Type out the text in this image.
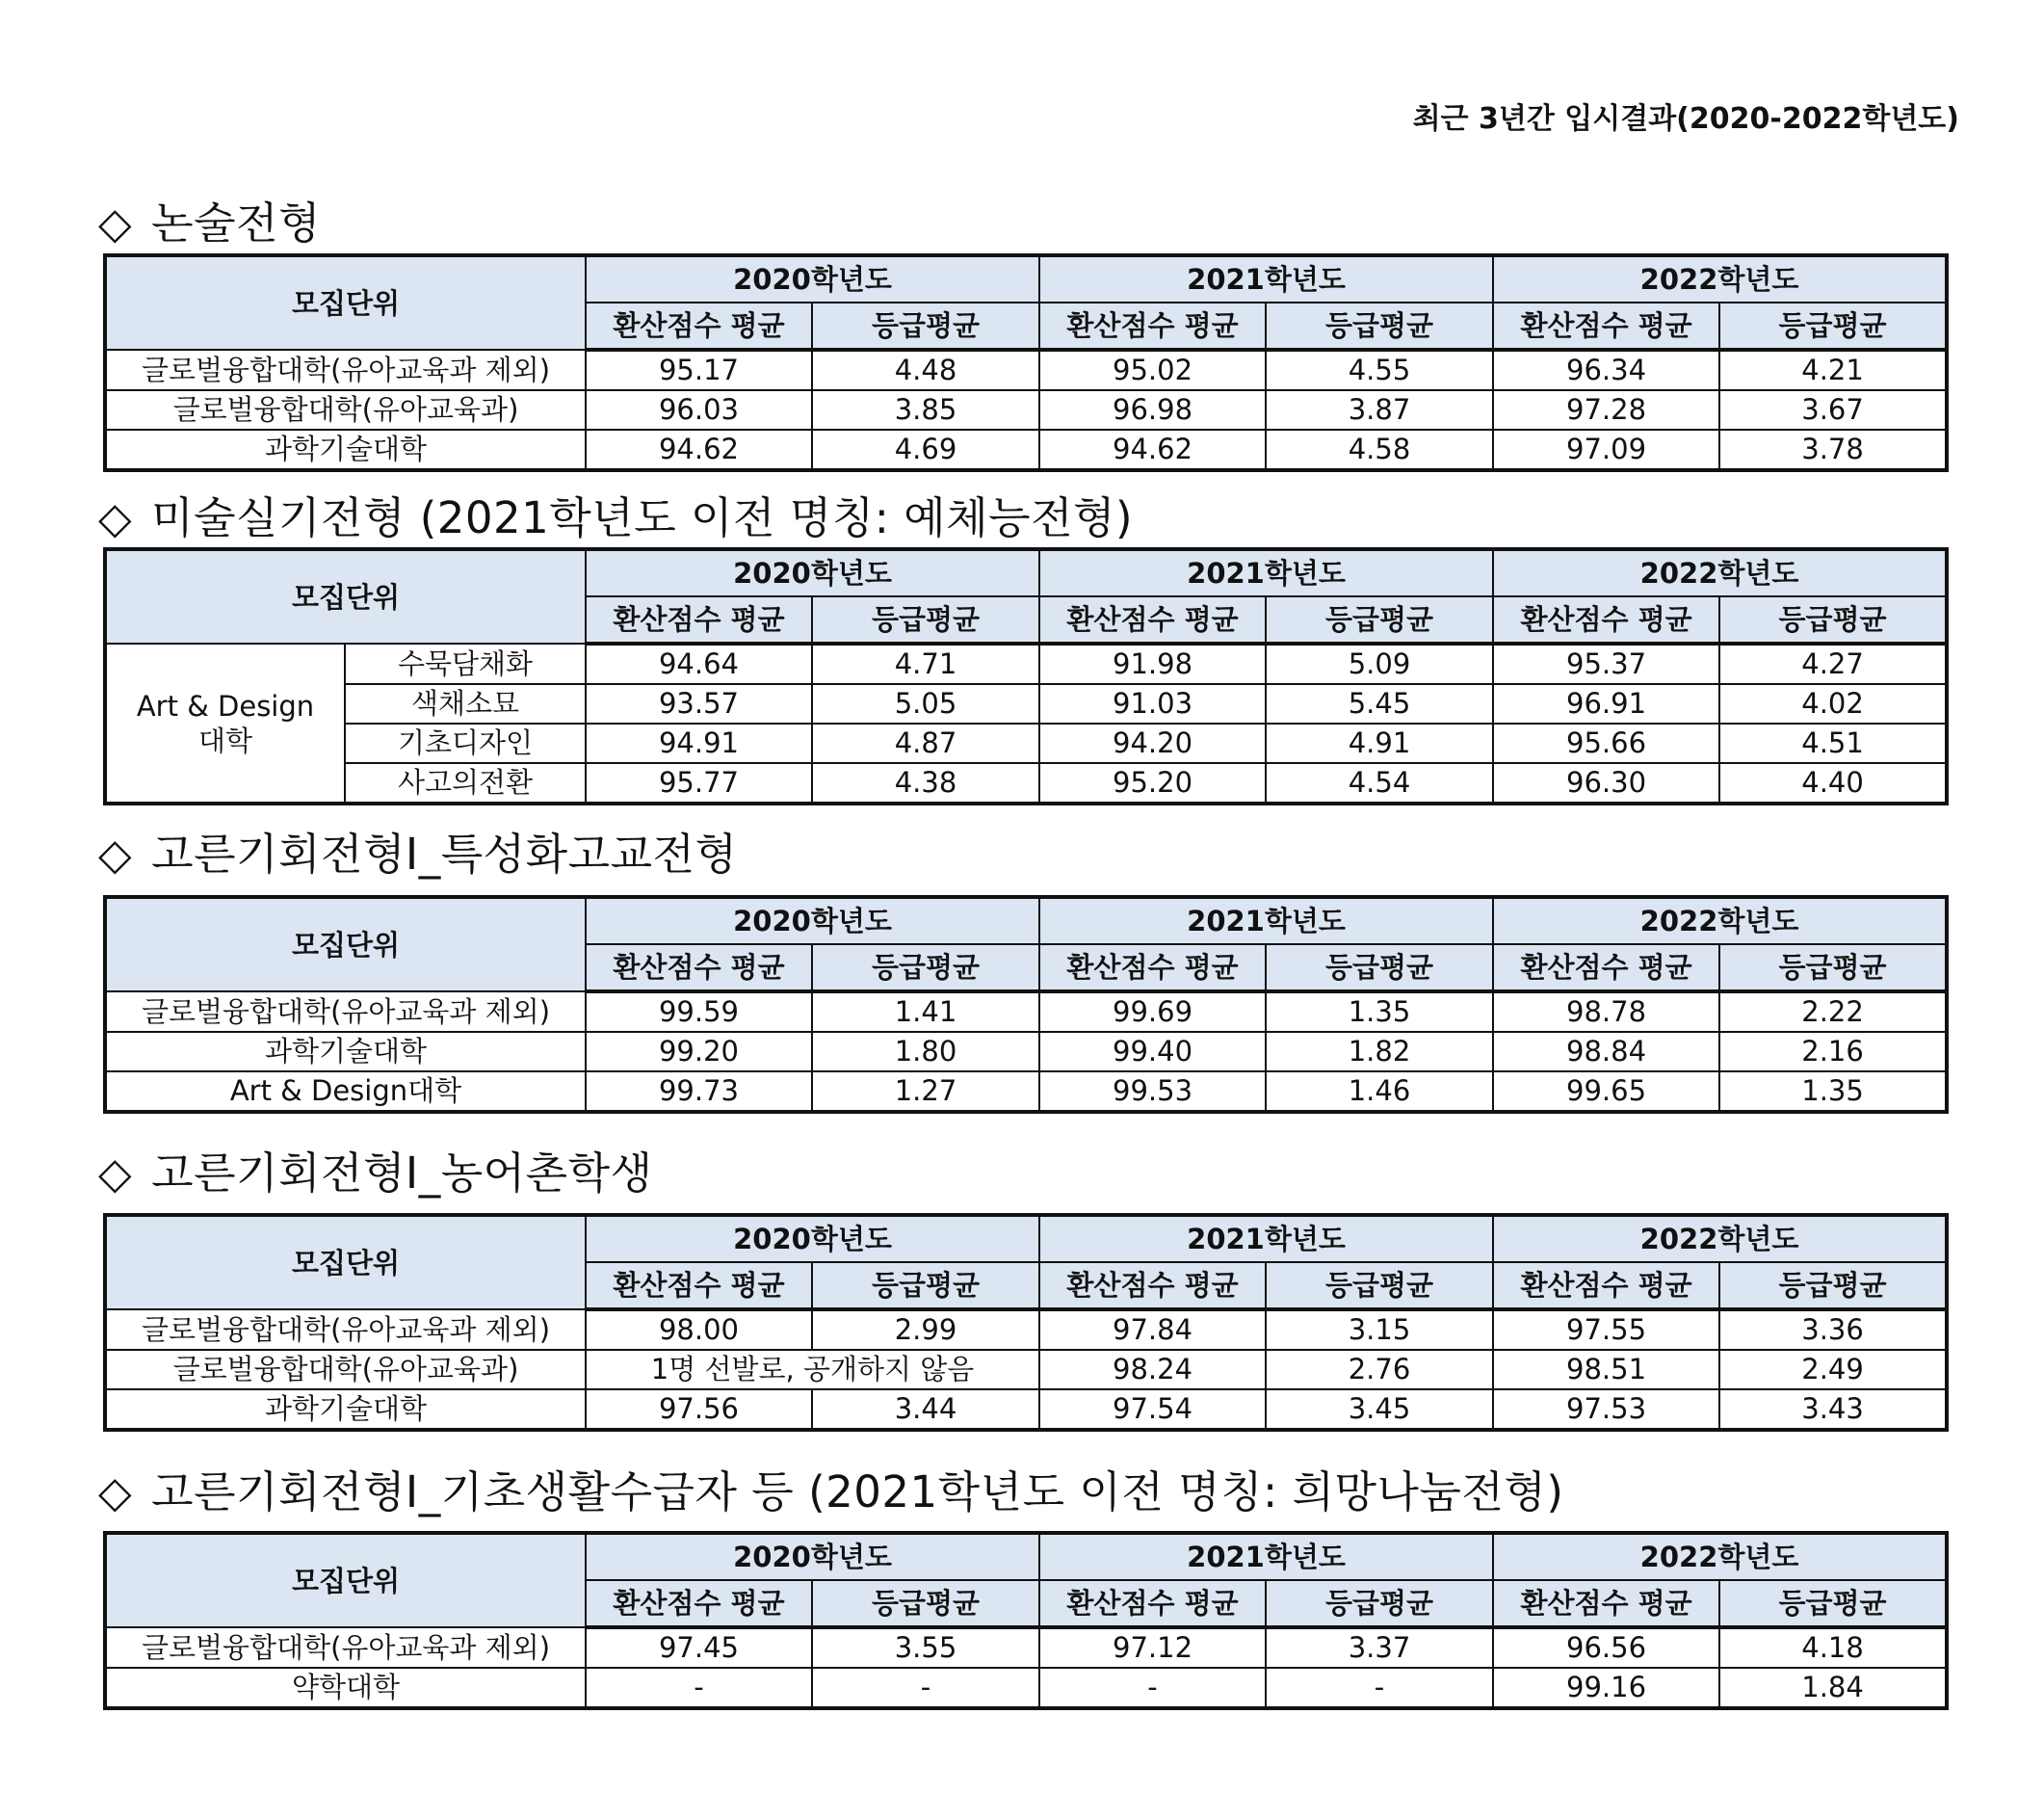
최근 3년간 입시결과(2020-2022학년도)
◇ 논술전형
모집단위	2020학년도		2021학년도		2022학년도	
	환산점수 평균	등급평균	환산점수 평균	등급평균	환산점수 평균	등급평균
글로벌융합대학(유아교육과 제외)	95.17	4.48	95.02	4.55	96.34	4.21
글로벌융합대학(유아교육과)	96.03	3.85	96.98	3.87	97.28	3.67
과학기술대학	94.62	4.69	94.62	4.58	97.09	3.78
◇ 미술실기전형 (2021학년도 이전 명칭: 예체능전형)
모집단위		2020학년도		2021학년도		2022학년도	
		환산점수 평균	등급평균	환산점수 평균	등급평균	환산점수 평균	등급평균
Art & Design
대학	수묵담채화	94.64	4.71	91.98	5.09	95.37	4.27
	색채소묘	93.57	5.05	91.03	5.45	96.91	4.02
	기초디자인	94.91	4.87	94.20	4.91	95.66	4.51
	사고의전환	95.77	4.38	95.20	4.54	96.30	4.40
◇ 고른기회전형Ⅰ_특성화고교전형
모집단위	2020학년도		2021학년도		2022학년도	
	환산점수 평균	등급평균	환산점수 평균	등급평균	환산점수 평균	등급평균
글로벌융합대학(유아교육과 제외)	99.59	1.41	99.69	1.35	98.78	2.22
과학기술대학	99.20	1.80	99.40	1.82	98.84	2.16
Art & Design대학	99.73	1.27	99.53	1.46	99.65	1.35
◇ 고른기회전형Ⅰ_농어촌학생
모집단위	2020학년도		2021학년도		2022학년도	
	환산점수 평균	등급평균	환산점수 평균	등급평균	환산점수 평균	등급평균
글로벌융합대학(유아교육과 제외)	98.00	2.99	97.84	3.15	97.55	3.36
글로벌융합대학(유아교육과)	1명 선발로, 공개하지 않음		98.24	2.76	98.51	2.49
과학기술대학	97.56	3.44	97.54	3.45	97.53	3.43
◇ 고른기회전형Ⅰ_기초생활수급자 등 (2021학년도 이전 명칭: 희망나눔전형)
모집단위	2020학년도		2021학년도		2022학년도	
	환산점수 평균	등급평균	환산점수 평균	등급평균	환산점수 평균	등급평균
글로벌융합대학(유아교육과 제외)	97.45	3.55	97.12	3.37	96.56	4.18
약학대학	-	-	-	-	99.16	1.84
